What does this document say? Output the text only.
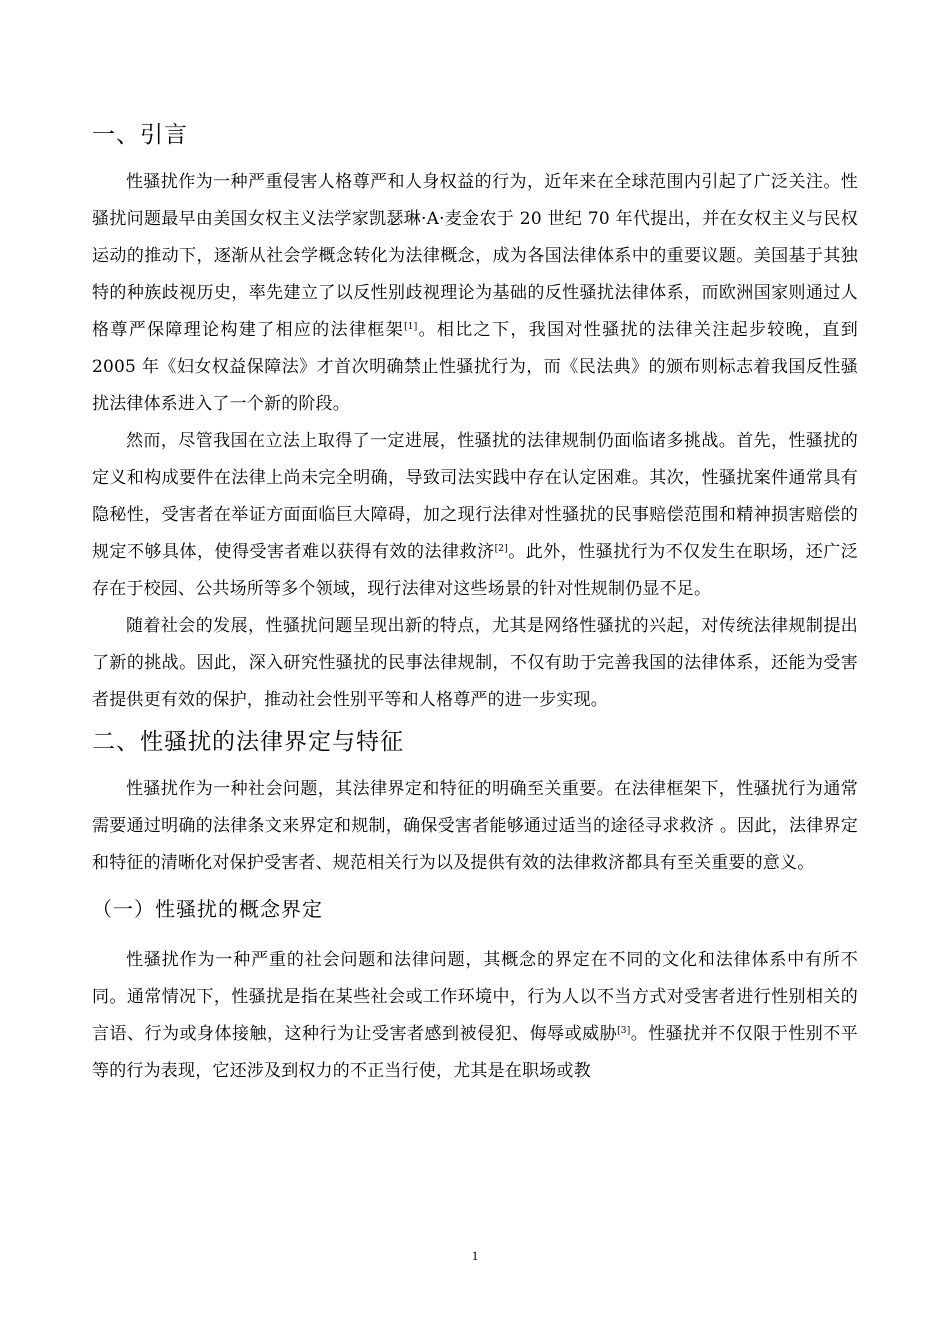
一、引言

性骚扰作为一种严重侵害人格尊严和人身权益的行为，近年来在全球范围内引起了广泛关注。性骚扰问题最早由美国女权主义法学家凯瑟琳·A·麦金农于 20 世纪 70 年代提出，并在女权主义与民权运动的推动下，逐渐从社会学概念转化为法律概念，成为各国法律体系中的重要议题。美国基于其独特的种族歧视历史，率先建立了以反性别歧视理论为基础的反性骚扰法律体系，而欧洲国家则通过人格尊严保障理论构建了相应的法律框架[1]。相比之下，我国对性骚扰的法律关注起步较晚，直到 2005 年《妇女权益保障法》才首次明确禁止性骚扰行为，而《民法典》的颁布则标志着我国反性骚扰法律体系进入了一个新的阶段。

然而，尽管我国在立法上取得了一定进展，性骚扰的法律规制仍面临诸多挑战。首先，性骚扰的定义和构成要件在法律上尚未完全明确，导致司法实践中存在认定困难。其次，性骚扰案件通常具有隐秘性，受害者在举证方面面临巨大障碍，加之现行法律对性骚扰的民事赔偿范围和精神损害赔偿的规定不够具体，使得受害者难以获得有效的法律救济[2]。此外，性骚扰行为不仅发生在职场，还广泛存在于校园、公共场所等多个领域，现行法律对这些场景的针对性规制仍显不足。

随着社会的发展，性骚扰问题呈现出新的特点，尤其是网络性骚扰的兴起，对传统法律规制提出了新的挑战。因此，深入研究性骚扰的民事法律规制，不仅有助于完善我国的法律体系，还能为受害者提供更有效的保护，推动社会性别平等和人格尊严的进一步实现。

二、性骚扰的法律界定与特征

性骚扰作为一种社会问题，其法律界定和特征的明确至关重要。在法律框架下，性骚扰行为通常需要通过明确的法律条文来界定和规制，确保受害者能够通过适当的途径寻求救济 。因此，法律界定和特征的清晰化对保护受害者、规范相关行为以及提供有效的法律救济都具有至关重要的意义。

（一）性骚扰的概念界定

性骚扰作为一种严重的社会问题和法律问题，其概念的界定在不同的文化和法律体系中有所不同。通常情况下，性骚扰是指在某些社会或工作环境中，行为人以不当方式对受害者进行性别相关的言语、行为或身体接触，这种行为让受害者感到被侵犯、侮辱或威胁[3]。性骚扰并不仅限于性别不平等的行为表现，它还涉及到权力的不正当行使，尤其是在职场或教

1
